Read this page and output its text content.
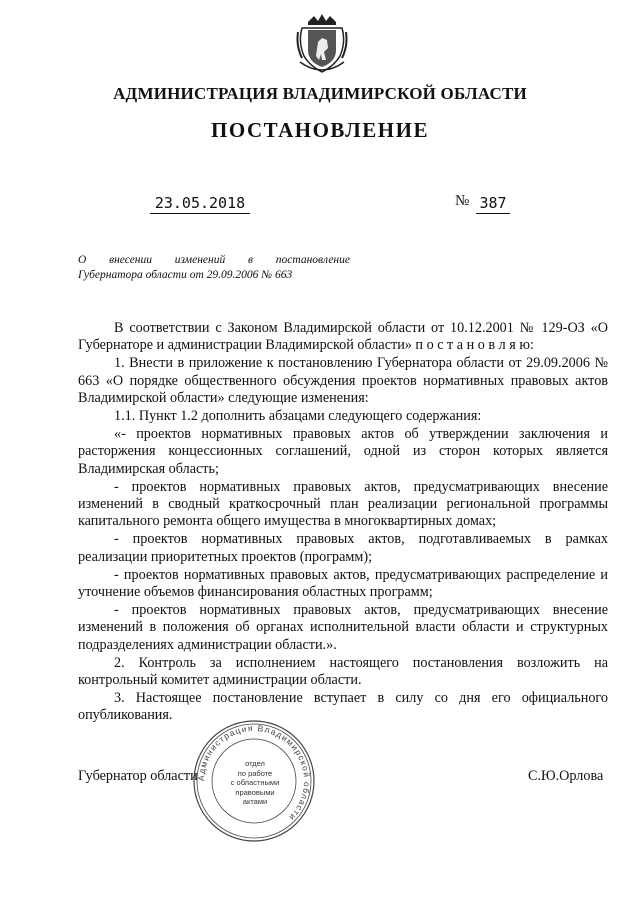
АДМИНИСТРАЦИЯ ВЛАДИМИРСКОЙ ОБЛАСТИ
ПОСТАНОВЛЕНИЕ
23.05.2018	№ 387
О внесении изменений в постановление
Губернатора области от 29.09.2006 № 663

В соответствии с Законом Владимирской области от 10.12.2001 № 129-ОЗ «О Губернаторе и администрации Владимирской области» п о с т а н о в л я ю:

1. Внести в приложение к постановлению Губернатора области от 29.09.2006 № 663 «О порядке общественного обсуждения проектов нормативных правовых актов Владимирской области» следующие изменения:

1.1. Пункт 1.2 дополнить абзацами следующего содержания:

«- проектов нормативных правовых актов об утверждении заключения и расторжения концессионных соглашений, одной из сторон которых является Владимирская область;

- проектов нормативных правовых актов, предусматривающих внесение изменений в сводный краткосрочный план реализации региональной программы капитального ремонта общего имущества в многоквартирных домах;

- проектов нормативных правовых актов, подготавливаемых в рамках реализации приоритетных проектов (программ);

- проектов нормативных правовых актов, предусматривающих распределение и уточнение объемов финансирования областных программ;

- проектов нормативных правовых актов, предусматривающих внесение изменений в положения об органах исполнительной власти области и структурных подразделениях администрации области.».

2. Контроль за исполнением настоящего постановления возложить на контрольный комитет администрации области.

3. Настоящее постановление вступает в силу со дня его официального опубликования.

Администрация Владимирской области
отдел
по работе
с областными
правовыми
актами
Губернатор области	С.Ю.Орлова
